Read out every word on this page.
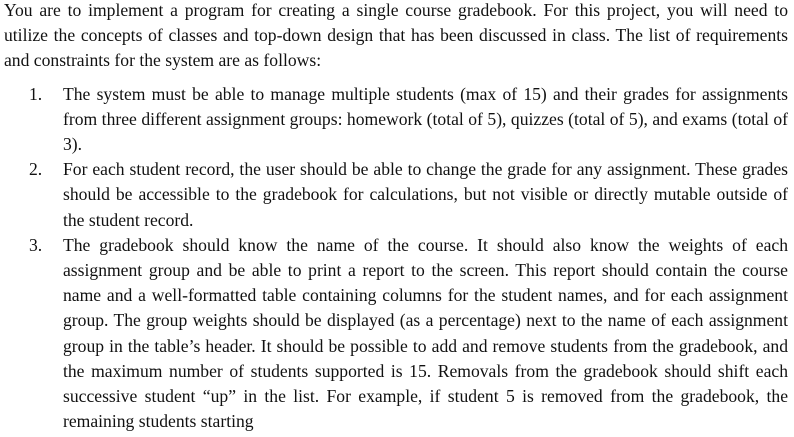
You are to implement a program for creating a single course gradebook. For this project, you will need to utilize the concepts of classes and top-down design that has been discussed in class. The list of requirements and constraints for the system are as follows:

1. The system must be able to manage multiple students (max of 15) and their grades for assignments from three different assignment groups: homework (total of 5), quizzes (total of 5), and exams (total of 3).
2. For each student record, the user should be able to change the grade for any assignment. These grades should be accessible to the gradebook for calculations, but not visible or directly mutable outside of the student record.
3. The gradebook should know the name of the course. It should also know the weights of each assignment group and be able to print a report to the screen. This report should contain the course name and a well-formatted table containing columns for the student names, and for each assignment group. The group weights should be displayed (as a percentage) next to the name of each assignment group in the table’s header. It should be possible to add and remove students from the gradebook, and the maximum number of students supported is 15. Removals from the gradebook should shift each successive student “up” in the list. For example, if student 5 is removed from the gradebook, the remaining students starting
